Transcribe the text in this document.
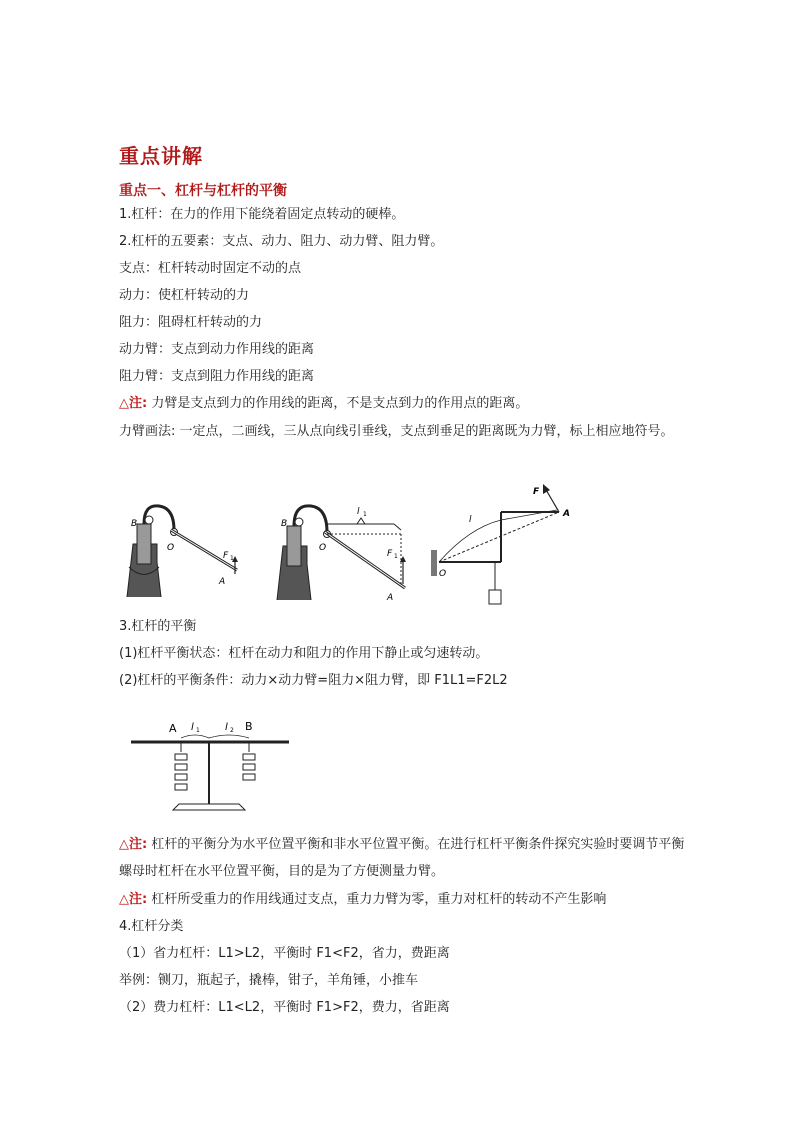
重点讲解
重点一、杠杆与杠杆的平衡
1.杠杆：在力的作用下能绕着固定点转动的硬棒。
2.杠杆的五要素：支点、动力、阻力、动力臂、阻力臂。
支点：杠杆转动时固定不动的点
动力：使杠杆转动的力
阻力：阻碍杠杆转动的力
动力臂：支点到动力作用线的距离
阻力臂：支点到阻力作用线的距离
△注: 力臂是支点到力的作用线的距离，不是支点到力的作用点的距离。
力臂画法: 一定点，二画线，三从点向线引垂线，支点到垂足的距离既为力臂，标上相应地符号。
B
O
F 1
A
B
O
l 1
F 1
A
F
A
l
O
3.杠杆的平衡
(1)杠杆平衡状态：杠杆在动力和阻力的作用下静止或匀速转动。
(2)杠杆的平衡条件：动力×动力臂=阻力×阻力臂，即 F1L1=F2L2
A l 1	l 2 B
△注: 杠杆的平衡分为水平位置平衡和非水平位置平衡。在进行杠杆平衡条件探究实验时要调节平衡螺母时杠杆在水平位置平衡，目的是为了方便测量力臂。
△注: 杠杆所受重力的作用线通过支点，重力力臂为零，重力对杠杆的转动不产生影响
4.杠杆分类
（1）省力杠杆：L1>L2，平衡时 F1<F2，省力，费距离
举例：铡刀，瓶起子，撬棒，钳子，羊角锤，小推车
（2）费力杠杆：L1<L2，平衡时 F1>F2，费力，省距离
